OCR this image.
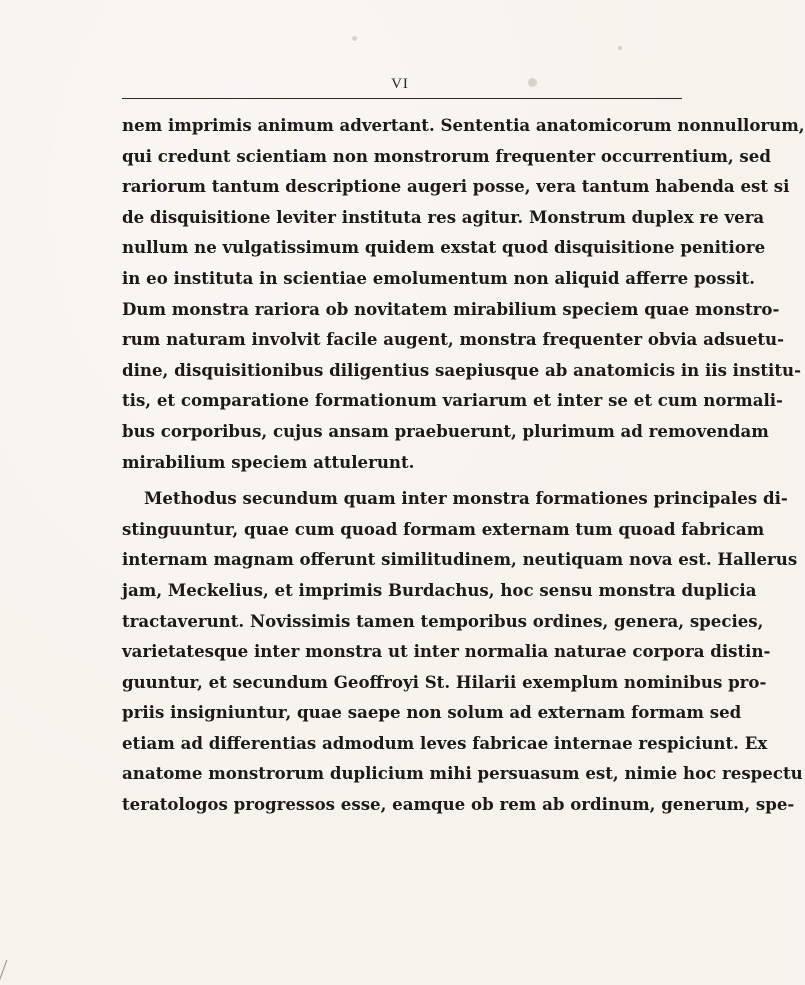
VI
nem imprimis animum advertant. Sententia anatomicorum nonnullorum,
qui credunt scientiam non monstrorum frequenter occurrentium, sed
rariorum tantum descriptione augeri posse, vera tantum habenda est si
de disquisitione leviter instituta res agitur. Monstrum duplex re vera
nullum ne vulgatissimum quidem exstat quod disquisitione penitiore
in eo instituta in scientiae emolumentum non aliquid afferre possit.
Dum monstra rariora ob novitatem mirabilium speciem quae monstro-
rum naturam involvit facile augent, monstra frequenter obvia adsuetu-
dine, disquisitionibus diligentius saepiusque ab anatomicis in iis institu-
tis, et comparatione formationum variarum et inter se et cum normali-
bus corporibus, cujus ansam praebuerunt, plurimum ad removendam
mirabilium speciem attulerunt.
Methodus secundum quam inter monstra formationes principales di-
stinguuntur, quae cum quoad formam externam tum quoad fabricam
internam magnam offerunt similitudinem, neutiquam nova est. Hallerus
jam, Meckelius, et imprimis Burdachus, hoc sensu monstra duplicia
tractaverunt. Novissimis tamen temporibus ordines, genera, species,
varietatesque inter monstra ut inter normalia naturae corpora distin-
guuntur, et secundum Geoffroyi St. Hilarii exemplum nominibus pro-
priis insigniuntur, quae saepe non solum ad externam formam sed
etiam ad differentias admodum leves fabricae internae respiciunt. Ex
anatome monstrorum duplicium mihi persuasum est, nimie hoc respectu
teratologos progressos esse, eamque ob rem ab ordinum, generum, spe-
